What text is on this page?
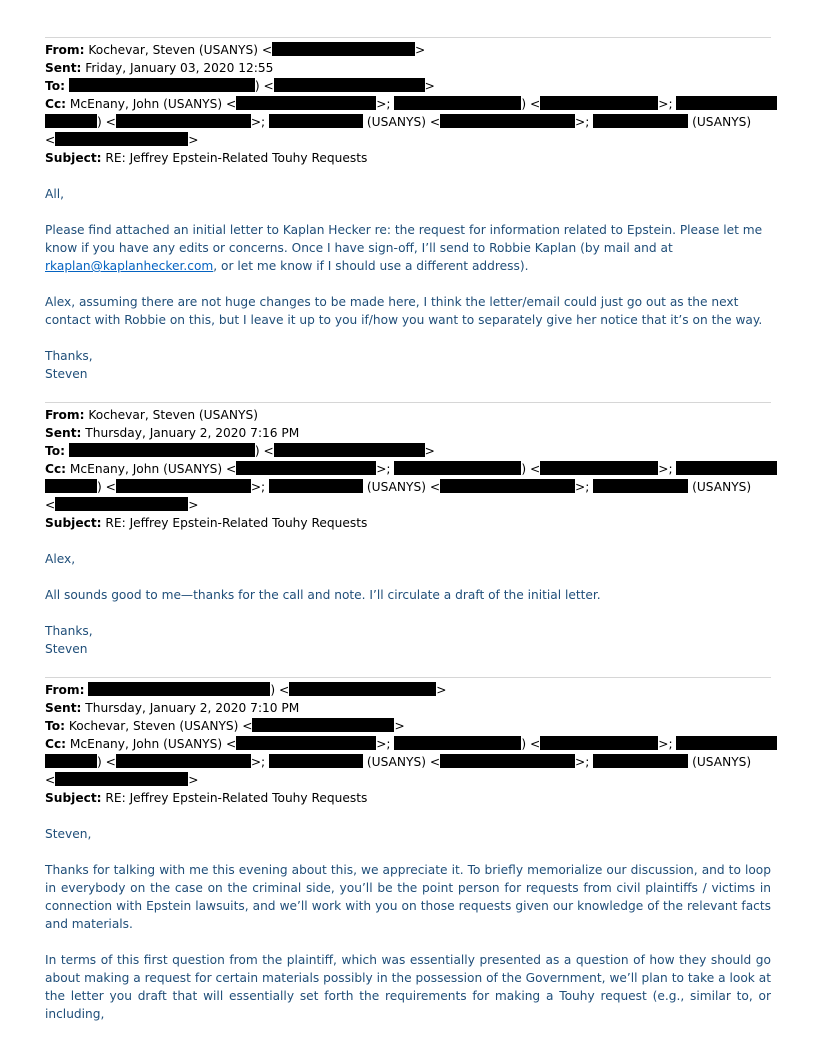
From: Kochevar, Steven (USANYS) <	>
Sent: Friday, January 03, 2020 12:55
To:	) <	>
Cc: McEnany, John (USANYS) <	>;	) <	>;
) <	>;	(USANYS) <	>;	(USANYS)
<	>
Subject: RE: Jeffrey Epstein-Related Touhy Requests
All,
Please find attached an initial letter to Kaplan Hecker re: the request for information related to Epstein. Please let me know if you have any edits or concerns. Once I have sign-off, I’ll send to Robbie Kaplan (by mail and at rkaplan@kaplanhecker.com, or let me know if I should use a different address).
Alex, assuming there are not huge changes to be made here, I think the letter/email could just go out as the next contact with Robbie on this, but I leave it up to you if/how you want to separately give her notice that it’s on the way.
Thanks,
Steven
From: Kochevar, Steven (USANYS)
Sent: Thursday, January 2, 2020 7:16 PM
To:	) <	>
Cc: McEnany, John (USANYS) <	>;	) <	>;
) <	>;	(USANYS) <	>;	(USANYS)
<	>
Subject: RE: Jeffrey Epstein-Related Touhy Requests
Alex,
All sounds good to me—thanks for the call and note. I’ll circulate a draft of the initial letter.
Thanks,
Steven
From:	) <	>
Sent: Thursday, January 2, 2020 7:10 PM
To: Kochevar, Steven (USANYS) <	>
Cc: McEnany, John (USANYS) <	>;	) <	>;
) <	>;	(USANYS) <	>;	(USANYS)
<	>
Subject: RE: Jeffrey Epstein-Related Touhy Requests
Steven,
Thanks for talking with me this evening about this, we appreciate it. To briefly memorialize our discussion, and to loop in everybody on the case on the criminal side, you’ll be the point person for requests from civil plaintiffs / victims in connection with Epstein lawsuits, and we’ll work with you on those requests given our knowledge of the relevant facts and materials.
In terms of this first question from the plaintiff, which was essentially presented as a question of how they should go about making a request for certain materials possibly in the possession of the Government, we’ll plan to take a look at the letter you draft that will essentially set forth the requirements for making a Touhy request (e.g., similar to, or including,
